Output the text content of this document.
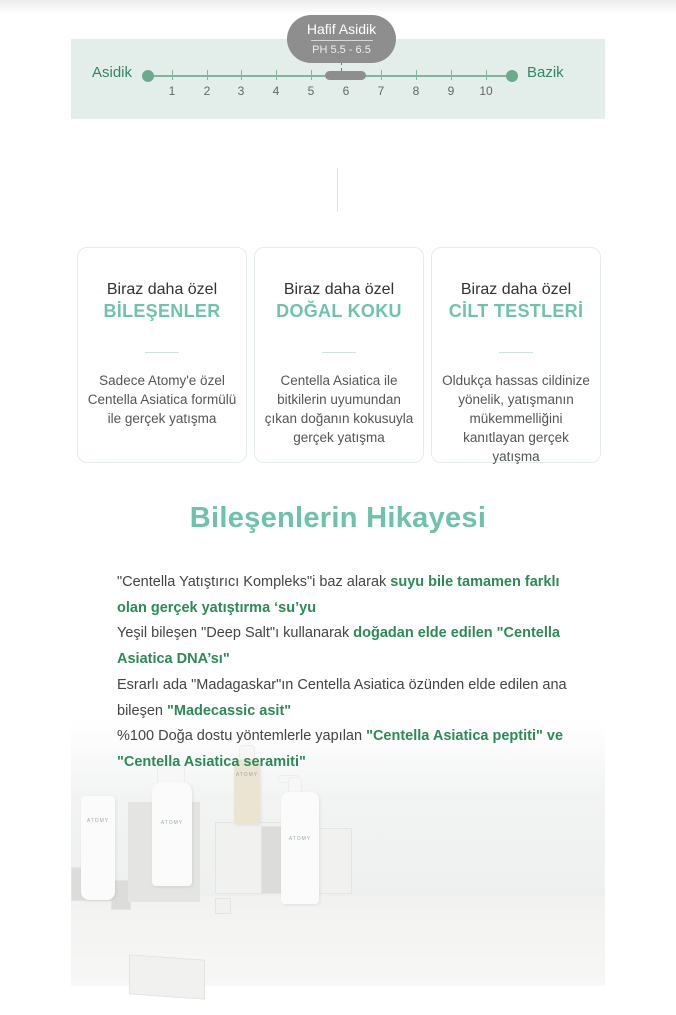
Asidik	Bazik
1	2	3	4	5	6	7	8	9	10
Hafif Asidik
PH 5.5 - 6.5
Biraz daha özel
BİLEŞENLER
Sadece Atomy'e özel Centella Asiatica formülü ile gerçek yatışma
Biraz daha özel
DOĞAL KOKU
Centella Asiatica ile bitkilerin uyumundan çıkan doğanın kokusuyla gerçek yatışma
Biraz daha özel
CİLT TESTLERİ
Oldukça hassas cildinize yönelik, yatışmanın mükemmelliğini kanıtlayan gerçek yatışma
Bileşenlerin Hikayesi

"Centella Yatıştırıcı Kompleks"i baz alarak suyu bile tamamen farklı olan gerçek yatıştırma ‘su’yu

Yeşil bileşen "Deep Salt"ı kullanarak doğadan elde edilen "Centella Asiatica DNA’sı"

Esrarlı ada "Madagaskar"ın Centella Asiatica özünden elde edilen ana bileşen "Madecassic asit"

%100 Doğa dostu yöntemlerle yapılan "Centella Asiatica peptiti" ve "Centella Asiatica seramiti"

ATOMY	ATOMY
ATOMY
ATOMY
